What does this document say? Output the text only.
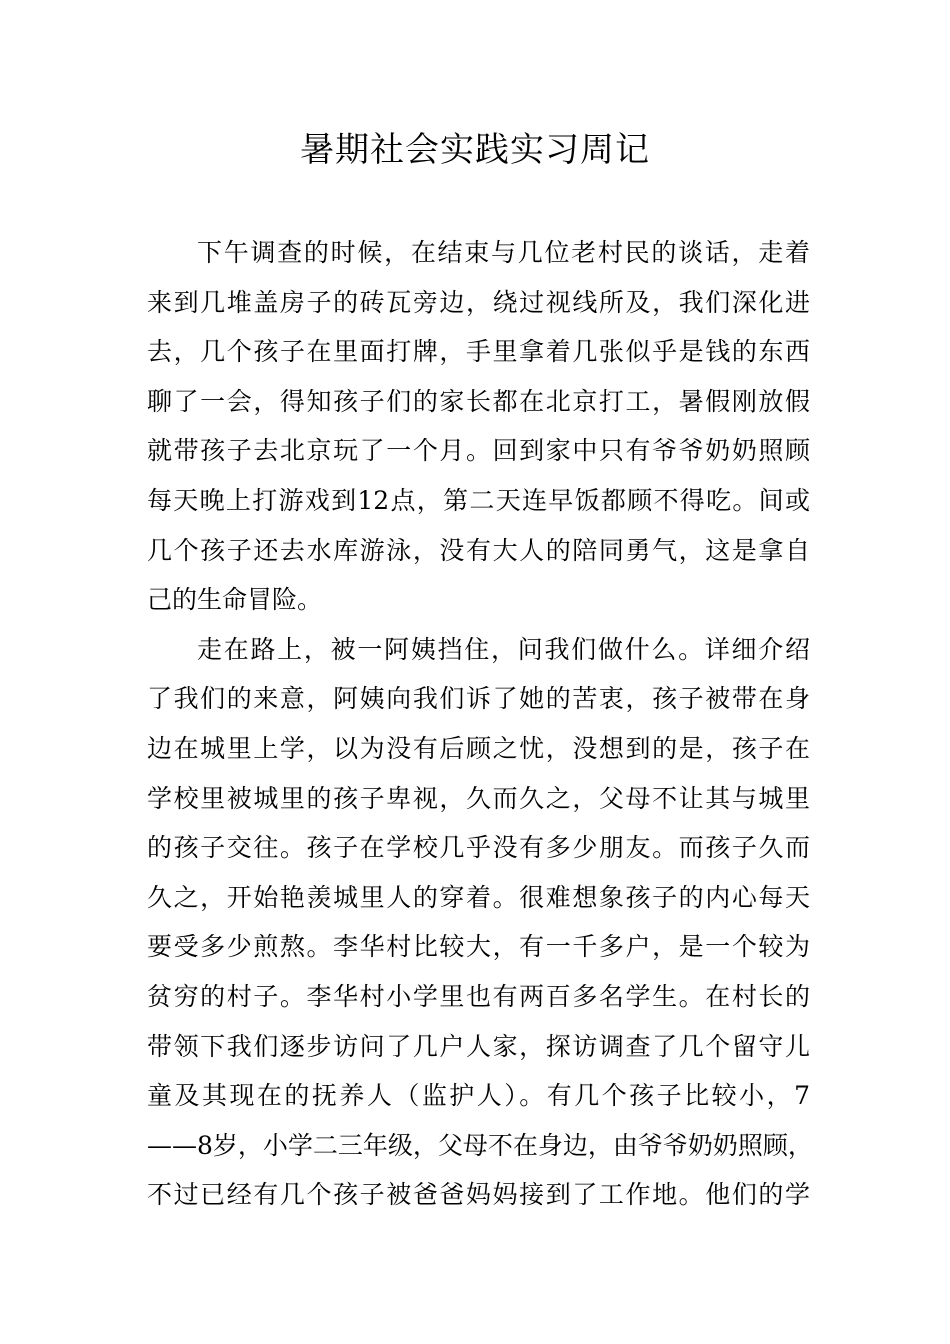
暑期社会实践实习周记

下午调查的时候，在结束与几位老村民的谈话，走着
来到几堆盖房子的砖瓦旁边，绕过视线所及，我们深化进
去，几个孩子在里面打牌，手里拿着几张似乎是钱的东西
聊了一会，得知孩子们的家长都在北京打工，暑假刚放假
就带孩子去北京玩了一个月。回到家中只有爷爷奶奶照顾
每天晚上打游戏到12点，第二天连早饭都顾不得吃。间或
几个孩子还去水库游泳，没有大人的陪同勇气，这是拿自
己的生命冒险。

走在路上，被一阿姨挡住，问我们做什么。详细介绍
了我们的来意，阿姨向我们诉了她的苦衷，孩子被带在身
边在城里上学，以为没有后顾之忧，没想到的是，孩子在
学校里被城里的孩子卑视，久而久之，父母不让其与城里
的孩子交往。孩子在学校几乎没有多少朋友。而孩子久而
久之，开始艳羡城里人的穿着。很难想象孩子的内心每天
要受多少煎熬。李华村比较大，有一千多户，是一个较为
贫穷的村子。李华村小学里也有两百多名学生。在村长的
带领下我们逐步访问了几户人家，探访调查了几个留守儿
童及其现在的抚养人（监护人）。有几个孩子比较小，7
——8岁，小学二三年级，父母不在身边，由爷爷奶奶照顾，
不过已经有几个孩子被爸爸妈妈接到了工作地。他们的学
